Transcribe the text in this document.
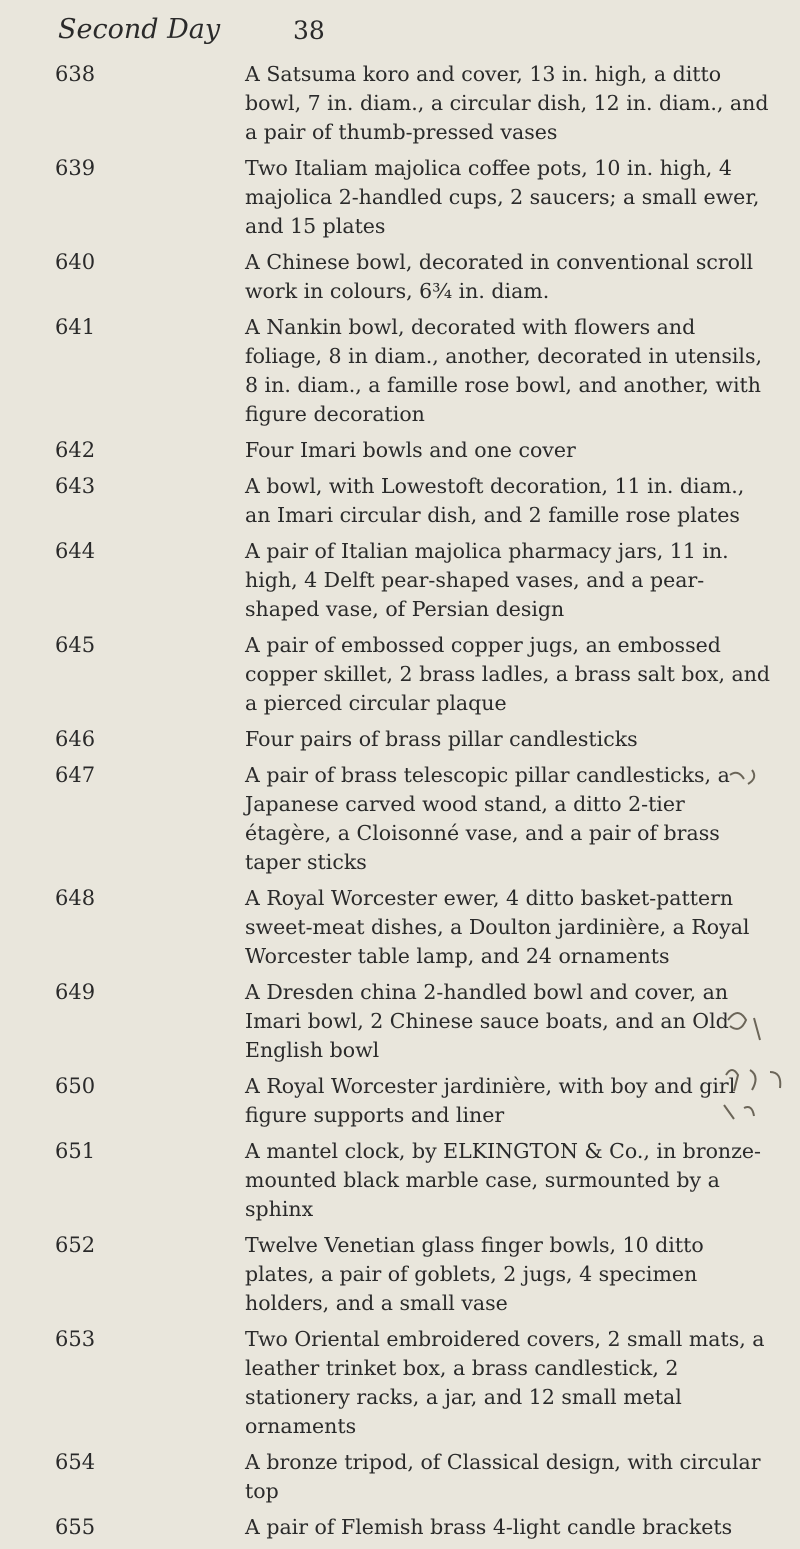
Second Day	38
638	A Satsuma koro and cover, 13 in. high, a ditto bowl, 7 in. diam., a circular dish, 12 in. diam., and a pair of thumb-pressed vases
639	Two Italiam majolica coffee pots, 10 in. high, 4 majolica 2-handled cups, 2 saucers; a small ewer, and 15 plates
640	A Chinese bowl, decorated in conventional scroll work in colours, 6¾ in. diam.
641	A Nankin bowl, decorated with flowers and foliage, 8 in diam., another, decorated in utensils, 8 in. diam., a famille rose bowl, and another, with figure decoration
642	Four Imari bowls and one cover
643	A bowl, with Lowestoft decoration, 11 in. diam., an Imari circular dish, and 2 famille rose plates
644	A pair of Italian majolica pharmacy jars, 11 in. high, 4 Delft pear-shaped vases, and a pear-shaped vase, of Persian design
645	A pair of embossed copper jugs, an embossed copper skillet, 2 brass ladles, a brass salt box, and a pierced circular plaque
646	Four pairs of brass pillar candlesticks
647	A pair of brass telescopic pillar candlesticks, a Japanese carved wood stand, a ditto 2-tier étagère, a Cloisonné vase, and a pair of brass taper sticks
648	A Royal Worcester ewer, 4 ditto basket-pattern sweet-meat dishes, a Doulton jardinière, a Royal Worcester table lamp, and 24 ornaments
649	A Dresden china 2-handled bowl and cover, an Imari bowl, 2 Chinese sauce boats, and an Old English bowl
650	A Royal Worcester jardinière, with boy and girl figure supports and liner
651	A mantel clock, by ELKINGTON & Co., in bronze-mounted black marble case, surmounted by a sphinx
652	Twelve Venetian glass finger bowls, 10 ditto plates, a pair of goblets, 2 jugs, 4 specimen holders, and a small vase
653	Two Oriental embroidered covers, 2 small mats, a leather trinket box, a brass candlestick, 2 stationery racks, a jar, and 12 small metal ornaments
654	A bronze tripod, of Classical design, with circular top
655	A pair of Flemish brass 4-light candle brackets
